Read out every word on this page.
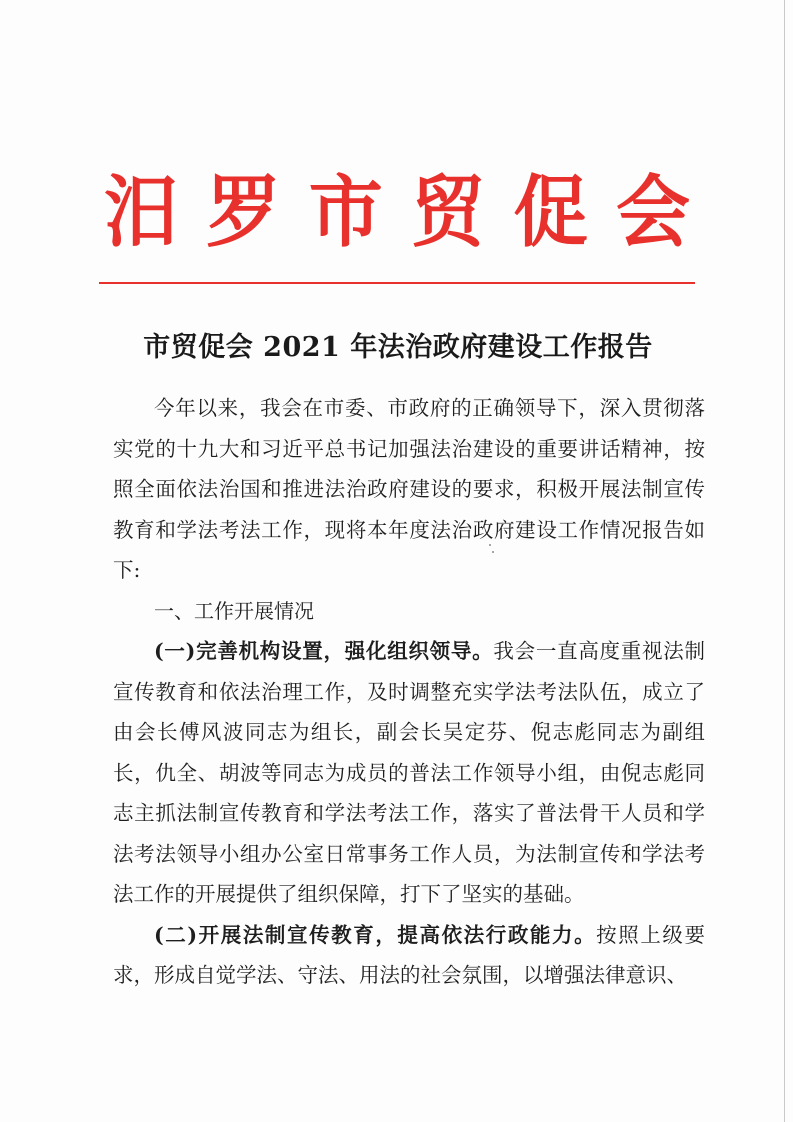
汨 罗 市 贸 促 会
市贸促会 2021 年法治政府建设工作报告

今年以来，我会在市委、市政府的正确领导下，深入贯彻落实党的十九大和习近平总书记加强法治建设的重要讲话精神，按照全面依法治国和推进法治政府建设的要求，积极开展法制宣传教育和学法考法工作，现将本年度法治政府建设工作情况报告如下:

一、工作开展情况

(一)完善机构设置，强化组织领导。我会一直高度重视法制宣传教育和依法治理工作，及时调整充实学法考法队伍，成立了由会长傅风波同志为组长，副会长吴定芬、倪志彪同志为副组长，仇全、胡波等同志为成员的普法工作领导小组，由倪志彪同志主抓法制宣传教育和学法考法工作，落实了普法骨干人员和学法考法领导小组办公室日常事务工作人员，为法制宣传和学法考法工作的开展提供了组织保障，打下了坚实的基础。

(二)开展法制宣传教育，提高依法行政能力。按照上级要求，形成自觉学法、守法、用法的社会氛围，以增强法律意识、
